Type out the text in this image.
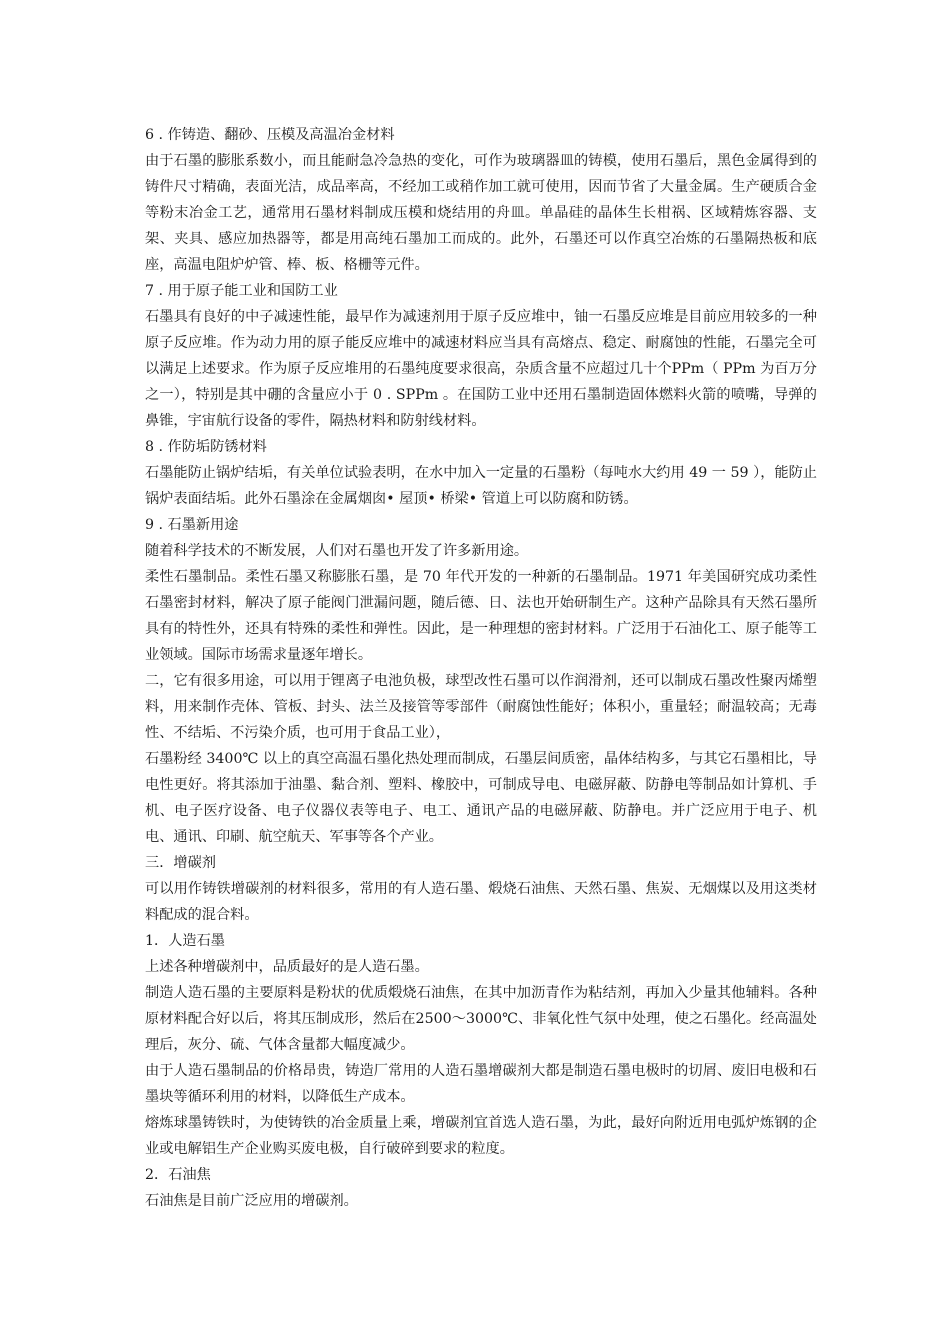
6 . 作铸造、翻砂、压模及高温冶金材料

由于石墨的膨胀系数小，而且能耐急冷急热的变化，可作为玻璃器皿的铸模，使用石墨后，黑色金属得到的铸件尺寸精确，表面光洁，成品率高，不经加工或稍作加工就可使用，因而节省了大量金属。生产硬质合金等粉末冶金工艺，通常用石墨材料制成压模和烧结用的舟皿。单晶硅的晶体生长柑祸、区域精炼容器、支架、夹具、感应加热器等，都是用高纯石墨加工而成的。此外，石墨还可以作真空冶炼的石墨隔热板和底座，高温电阻炉炉管、棒、板、格栅等元件。

7 . 用于原子能工业和国防工业

石墨具有良好的中子减速性能，最早作为减速剂用于原子反应堆中，铀一石墨反应堆是目前应用较多的一种原子反应堆。作为动力用的原子能反应堆中的减速材料应当具有高熔点、稳定、耐腐蚀的性能，石墨完全可以满足上述要求。作为原子反应堆用的石墨纯度要求很高，杂质含量不应超过几十个PPm（ PPm 为百万分之一），特别是其中硼的含量应小于 0 . SPPm 。在国防工业中还用石墨制造固体燃料火箭的喷嘴，导弹的鼻锥，宇宙航行设备的零件，隔热材料和防射线材料。

8 . 作防垢防锈材料

石墨能防止锅炉结垢，有关单位试验表明，在水中加入一定量的石墨粉（每吨水大约用 49 一 59 ），能防止锅炉表面结垢。此外石墨涂在金属烟囱• 屋顶• 桥梁• 管道上可以防腐和防锈。

9 . 石墨新用途

随着科学技术的不断发展，人们对石墨也开发了许多新用途。

柔性石墨制品。柔性石墨又称膨胀石墨，是 70 年代开发的一种新的石墨制品。1971 年美国研究成功柔性石墨密封材料，解决了原子能阀门泄漏问题，随后德、日、法也开始研制生产。这种产品除具有天然石墨所具有的特性外，还具有特殊的柔性和弹性。因此，是一种理想的密封材料。广泛用于石油化工、原子能等工业领域。国际市场需求量逐年增长。

二，它有很多用途，可以用于锂离子电池负极，球型改性石墨可以作润滑剂，还可以制成石墨改性聚丙烯塑料，用来制作壳体、管板、封头、法兰及接管等零部件（耐腐蚀性能好；体积小，重量轻；耐温较高；无毒性、不结垢、不污染介质，也可用于食品工业），

石墨粉经 3400℃ 以上的真空高温石墨化热处理而制成，石墨层间质密，晶体结构多，与其它石墨相比，导电性更好。将其添加于油墨、黏合剂、塑料、橡胶中，可制成导电、电磁屏蔽、防静电等制品如计算机、手机、电子医疗设备、电子仪器仪表等电子、电工、通讯产品的电磁屏蔽、防静电。并广泛应用于电子、机电、通讯、印刷、航空航天、军事等各个产业。

三．增碳剂

可以用作铸铁增碳剂的材料很多，常用的有人造石墨、煅烧石油焦、天然石墨、焦炭、无烟煤以及用这类材料配成的混合料。

1．人造石墨

上述各种增碳剂中，品质最好的是人造石墨。

制造人造石墨的主要原料是粉状的优质煅烧石油焦，在其中加沥青作为粘结剂，再加入少量其他辅料。各种原材料配合好以后，将其压制成形，然后在2500～3000℃、非氧化性气氛中处理，使之石墨化。经高温处理后，灰分、硫、气体含量都大幅度减少。

由于人造石墨制品的价格昂贵，铸造厂常用的人造石墨增碳剂大都是制造石墨电极时的切屑、废旧电极和石墨块等循环利用的材料，以降低生产成本。

熔炼球墨铸铁时，为使铸铁的冶金质量上乘，增碳剂宜首选人造石墨，为此，最好向附近用电弧炉炼钢的企业或电解铝生产企业购买废电极，自行破碎到要求的粒度。

2．石油焦

石油焦是目前广泛应用的增碳剂。
